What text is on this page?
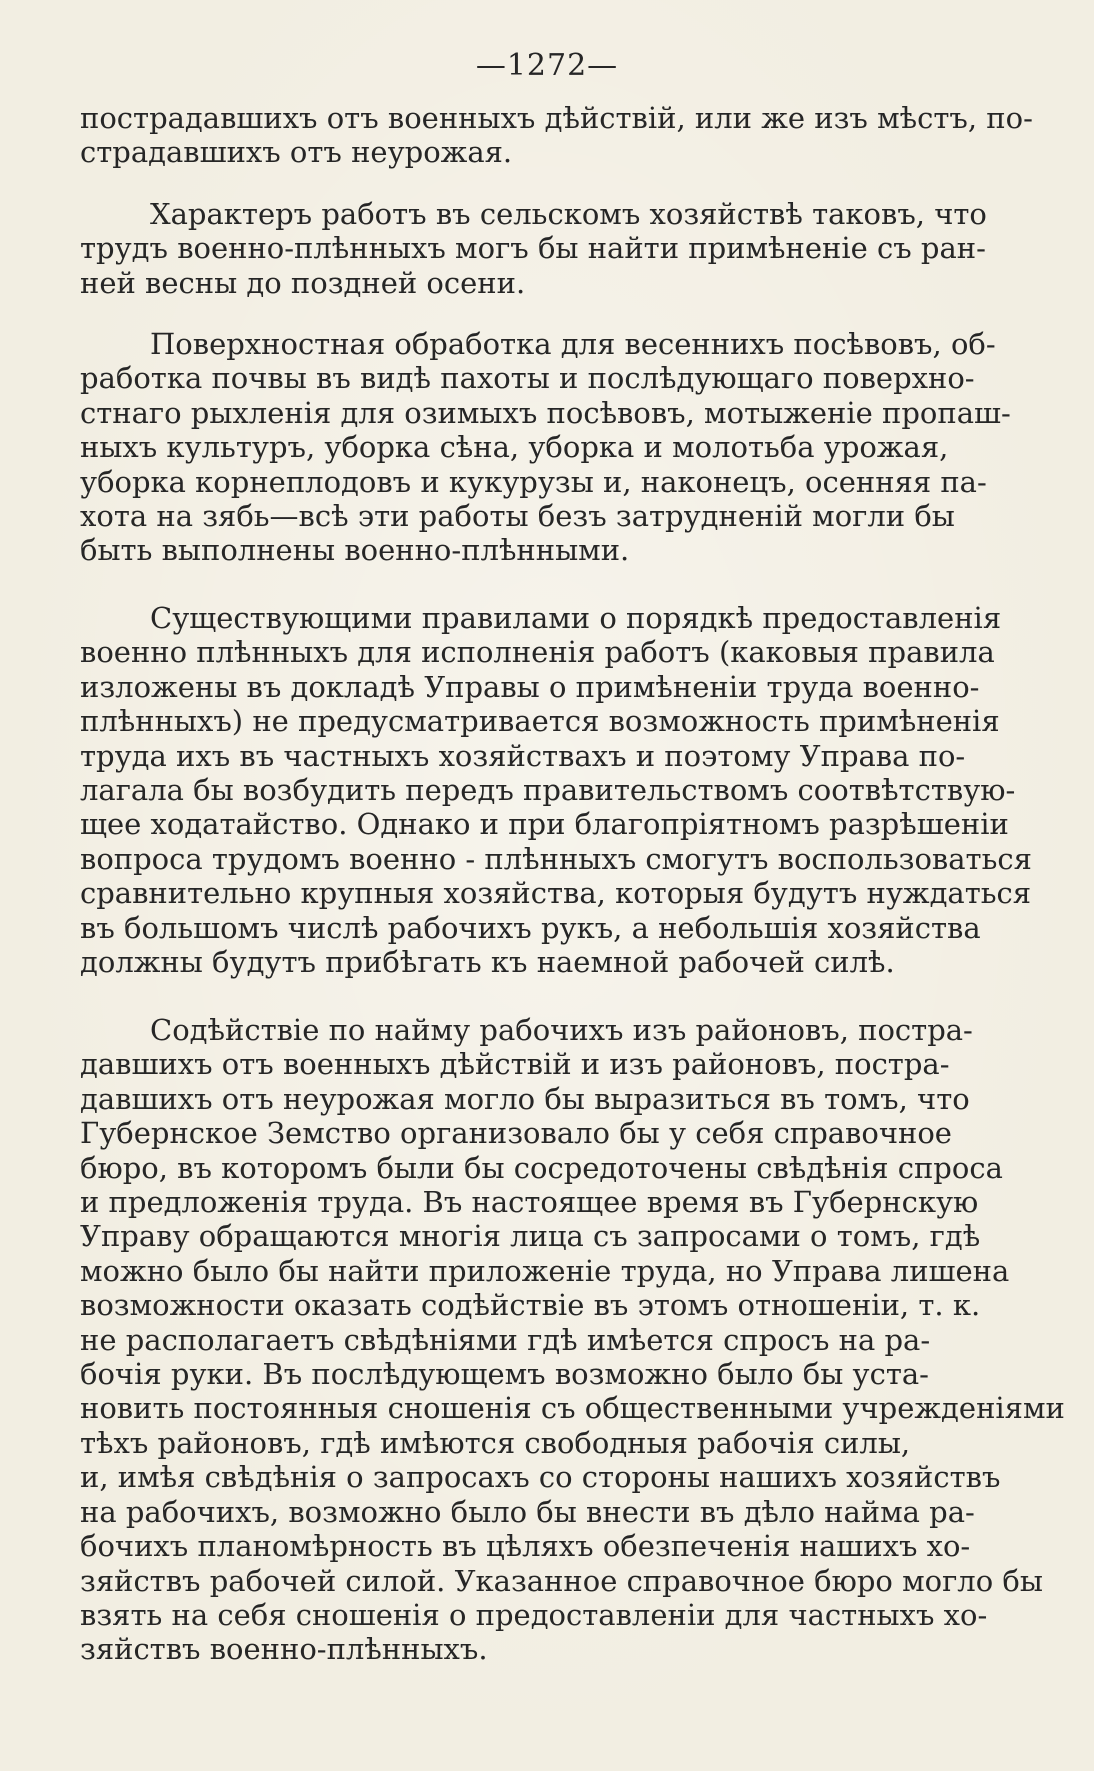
—1272—

пострадавшихъ отъ военныхъ дѣйствій, или же изъ мѣстъ, по-
страдавшихъ отъ неурожая.

Характеръ работъ въ сельскомъ хозяйствѣ таковъ, что
трудъ военно-плѣнныхъ могъ бы найти примѣненіе съ ран-
ней весны до поздней осени.

Поверхностная обработка для весеннихъ посѣвовъ, об-
работка почвы въ видѣ пахоты и послѣдующаго поверхно-
стнаго рыхленія для озимыхъ посѣвовъ, мотыженіе пропаш-
ныхъ культуръ, уборка сѣна, уборка и молотьба урожая,
уборка корнеплодовъ и кукурузы и, наконецъ, осенняя па-
хота на зябь—всѣ эти работы безъ затрудненій могли бы
быть выполнены военно-плѣнными.

Существующими правилами о порядкѣ предоставленія
военно плѣнныхъ для исполненія работъ (каковыя правила
изложены въ докладѣ Управы о примѣненіи труда военно-
плѣнныхъ) не предусматривается возможность примѣненія
труда ихъ въ частныхъ хозяйствахъ и поэтому Управа по-
лагала бы возбудить передъ правительствомъ соотвѣтствую-
щее ходатайство. Однако и при благопріятномъ разрѣшеніи
вопроса трудомъ военно - плѣнныхъ смогутъ воспользоваться
сравнительно крупныя хозяйства, которыя будутъ нуждаться
въ большомъ числѣ рабочихъ рукъ, а небольшія хозяйства
должны будутъ прибѣгать къ наемной рабочей силѣ.

Содѣйствіе по найму рабочихъ изъ районовъ, постра-
давшихъ отъ военныхъ дѣйствій и изъ районовъ, постра-
давшихъ отъ неурожая могло бы выразиться въ томъ, что
Губернское Земство организовало бы у себя справочное
бюро, въ которомъ были бы сосредоточены свѣдѣнія спроса
и предложенія труда. Въ настоящее время въ Губернскую
Управу обращаются многія лица съ запросами о томъ, гдѣ
можно было бы найти приложеніе труда, но Управа лишена
возможности оказать содѣйствіе въ этомъ отношеніи, т. к.
не располагаетъ свѣдѣніями гдѣ имѣется спросъ на ра-
бочія руки. Въ послѣдующемъ возможно было бы уста-
новить постоянныя сношенія съ общественными учрежденіями
тѣхъ районовъ, гдѣ имѣются свободныя рабочія силы,
и, имѣя свѣдѣнія о запросахъ со стороны нашихъ хозяйствъ
на рабочихъ, возможно было бы внести въ дѣло найма ра-
бочихъ планомѣрность въ цѣляхъ обезпеченія нашихъ хо-
зяйствъ рабочей силой. Указанное справочное бюро могло бы
взять на себя сношенія о предоставленіи для частныхъ хо-
зяйствъ военно-плѣнныхъ.
